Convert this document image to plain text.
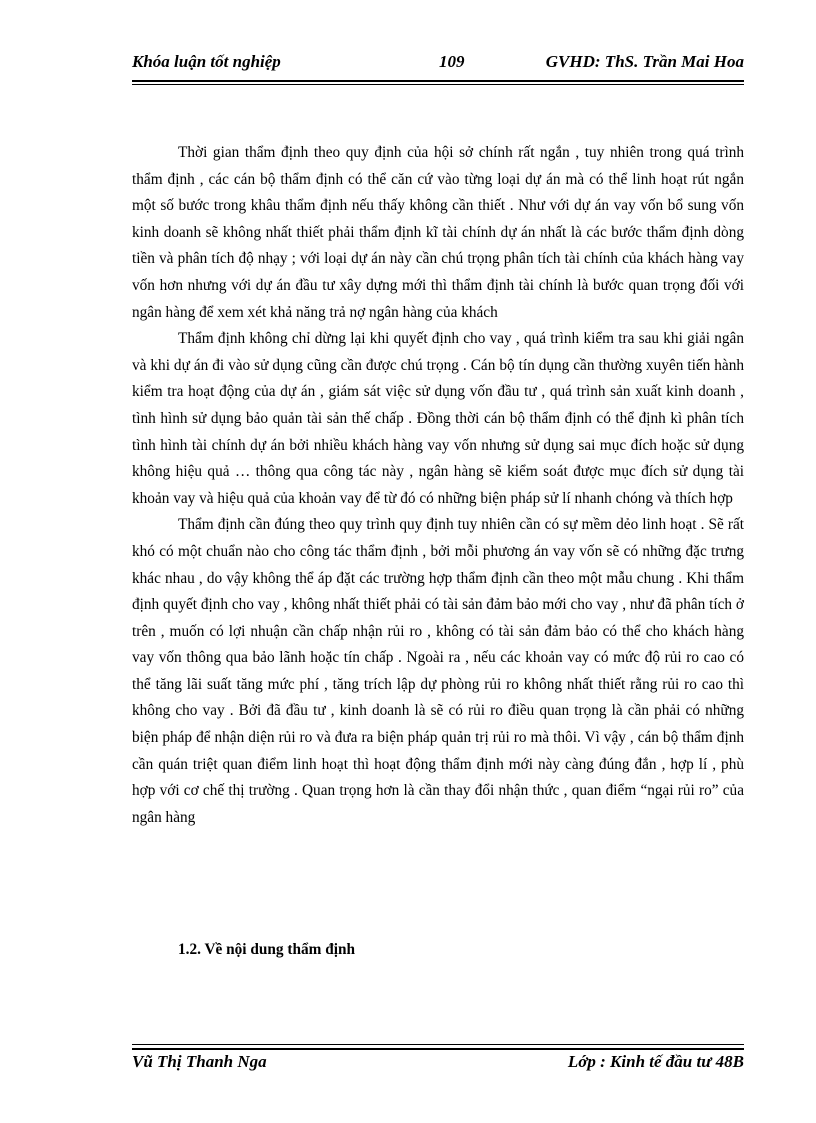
Khóa luận tốt nghiệp	109	GVHD: ThS. Trần Mai Hoa

Thời gian thẩm định theo quy định của hội sở chính rất ngắn , tuy nhiên trong quá trình thẩm định , các cán bộ thẩm định có thể căn cứ vào từng loại dự án mà có thể linh hoạt rút ngắn một số bước trong khâu thẩm định nếu thấy không cần thiết . Như với dự án vay vốn bổ sung vốn kinh doanh sẽ không nhất thiết phải thẩm định kĩ tài chính dự án nhất là các bước thẩm định dòng tiền và phân tích độ nhạy ; với loại dự án này cần chú trọng phân tích tài chính của khách hàng vay vốn hơn nhưng với dự án đầu tư xây dựng mới thì thẩm định tài chính là bước quan trọng đối với ngân hàng để xem xét khả năng trả nợ ngân hàng của khách

Thẩm định không chỉ dừng lại khi quyết định cho vay , quá trình kiểm tra sau khi giải ngân và khi dự án đi vào sử dụng cũng cần được chú trọng . Cán bộ tín dụng cần thường xuyên tiến hành kiểm tra hoạt động của dự án , giám sát việc sử dụng vốn đầu tư , quá trình sản xuất kinh doanh , tình hình sử dụng bảo quản tài sản thế chấp . Đồng thời cán bộ thẩm định có thể định kì phân tích tình hình tài chính dự án bởi nhiều khách hàng vay vốn nhưng sử dụng sai mục đích hoặc sử dụng không hiệu quả … thông qua công tác này , ngân hàng sẽ kiểm soát được mục đích sử dụng tài khoản vay và hiệu quả của khoản vay để từ đó có những biện pháp sử lí nhanh chóng và thích hợp

Thẩm định cần đúng theo quy trình quy định tuy nhiên cần có sự mềm dẻo linh hoạt . Sẽ rất khó có một chuẩn nào cho công tác thẩm định , bởi mỗi phương án vay vốn sẽ có những đặc trưng khác nhau , do vậy không thể áp đặt các trường hợp thẩm định cần theo một mẫu chung . Khi thẩm định quyết định cho vay , không nhất thiết phải có tài sản đảm bảo mới cho vay , như đã phân tích ở trên , muốn có lợi nhuận cần chấp nhận rủi ro , không có tài sản đảm bảo có thể cho khách hàng vay vốn thông qua bảo lãnh hoặc tín chấp . Ngoài ra , nếu các khoản vay có mức độ rủi ro cao có thể tăng lãi suất tăng mức phí , tăng trích lập dự phòng rủi ro không nhất thiết rằng rủi ro cao thì không cho vay . Bởi đã đầu tư , kinh doanh là sẽ có rủi ro điều quan trọng là cần phải có những biện pháp để nhận diện rủi ro và đưa ra biện pháp quản trị rủi ro mà thôi. Vì vậy , cán bộ thẩm định cần quán triệt quan điểm linh hoạt thì hoạt động thẩm định mới này càng đúng đắn , hợp lí , phù hợp với cơ chế thị trường . Quan trọng hơn là cần thay đổi nhận thức , quan điểm “ngại rủi ro” của ngân hàng

1.2. Về nội dung thẩm định
Vũ Thị Thanh Nga	Lớp : Kinh tế đầu tư 48B
